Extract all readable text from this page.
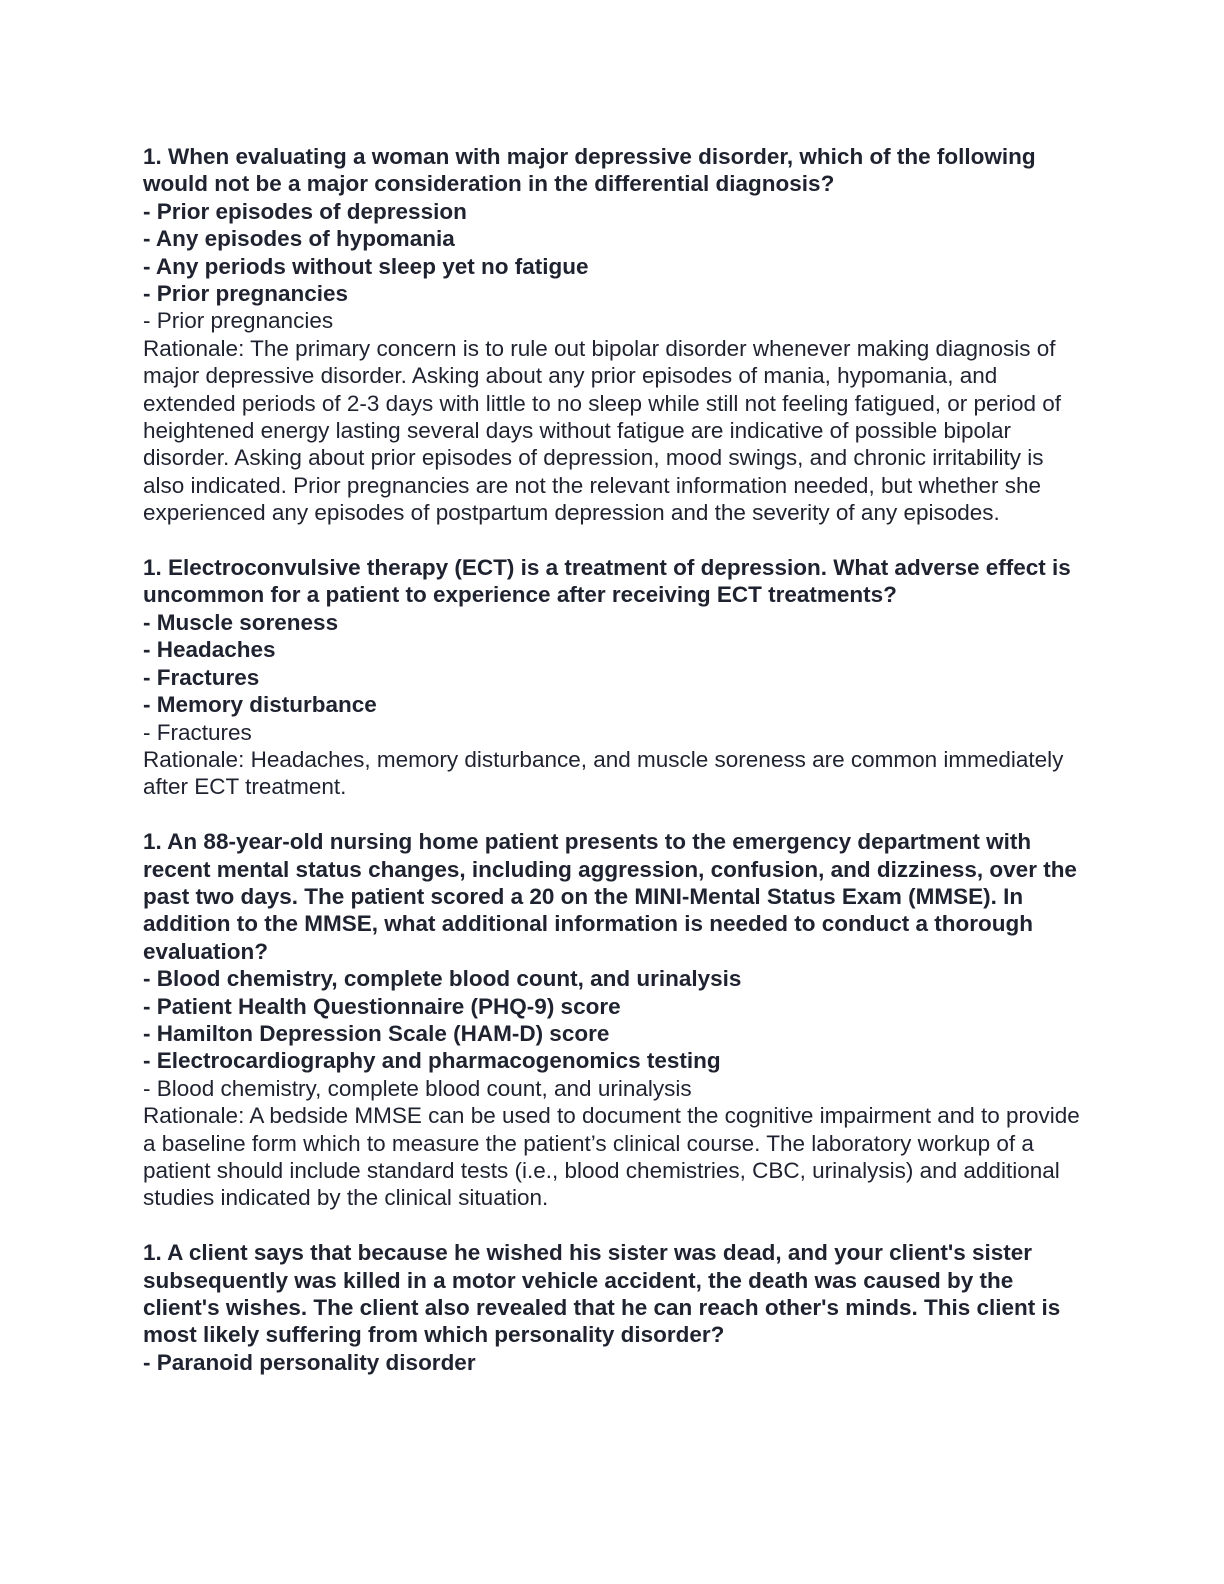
1. When evaluating a woman with major depressive disorder, which of the following would not be a major consideration in the differential diagnosis?

- Prior episodes of depression

- Any episodes of hypomania

- Any periods without sleep yet no fatigue

- Prior pregnancies

- Prior pregnancies

Rationale: The primary concern is to rule out bipolar disorder whenever making diagnosis of major depressive disorder. Asking about any prior episodes of mania, hypomania, and extended periods of 2-3 days with little to no sleep while still not feeling fatigued, or period of heightened energy lasting several days without fatigue are indicative of possible bipolar disorder. Asking about prior episodes of depression, mood swings, and chronic irritability is also indicated. Prior pregnancies are not the relevant information needed, but whether she experienced any episodes of postpartum depression and the severity of any episodes.

1. Electroconvulsive therapy (ECT) is a treatment of depression. What adverse effect is uncommon for a patient to experience after receiving ECT treatments?

- Muscle soreness

- Headaches

- Fractures

- Memory disturbance

- Fractures

Rationale: Headaches, memory disturbance, and muscle soreness are common immediately after ECT treatment.

1. An 88-year-old nursing home patient presents to the emergency department with recent mental status changes, including aggression, confusion, and dizziness, over the past two days. The patient scored a 20 on the MINI-Mental Status Exam (MMSE). In addition to the MMSE, what additional information is needed to conduct a thorough evaluation?

- Blood chemistry, complete blood count, and urinalysis

- Patient Health Questionnaire (PHQ-9) score

- Hamilton Depression Scale (HAM-D) score

- Electrocardiography and pharmacogenomics testing

- Blood chemistry, complete blood count, and urinalysis

Rationale: A bedside MMSE can be used to document the cognitive impairment and to provide a baseline form which to measure the patient’s clinical course. The laboratory workup of a patient should include standard tests (i.e., blood chemistries, CBC, urinalysis) and additional studies indicated by the clinical situation.

1. A client says that because he wished his sister was dead, and your client's sister subsequently was killed in a motor vehicle accident, the death was caused by the client's wishes. The client also revealed that he can reach other's minds. This client is most likely suffering from which personality disorder?

- Paranoid personality disorder
